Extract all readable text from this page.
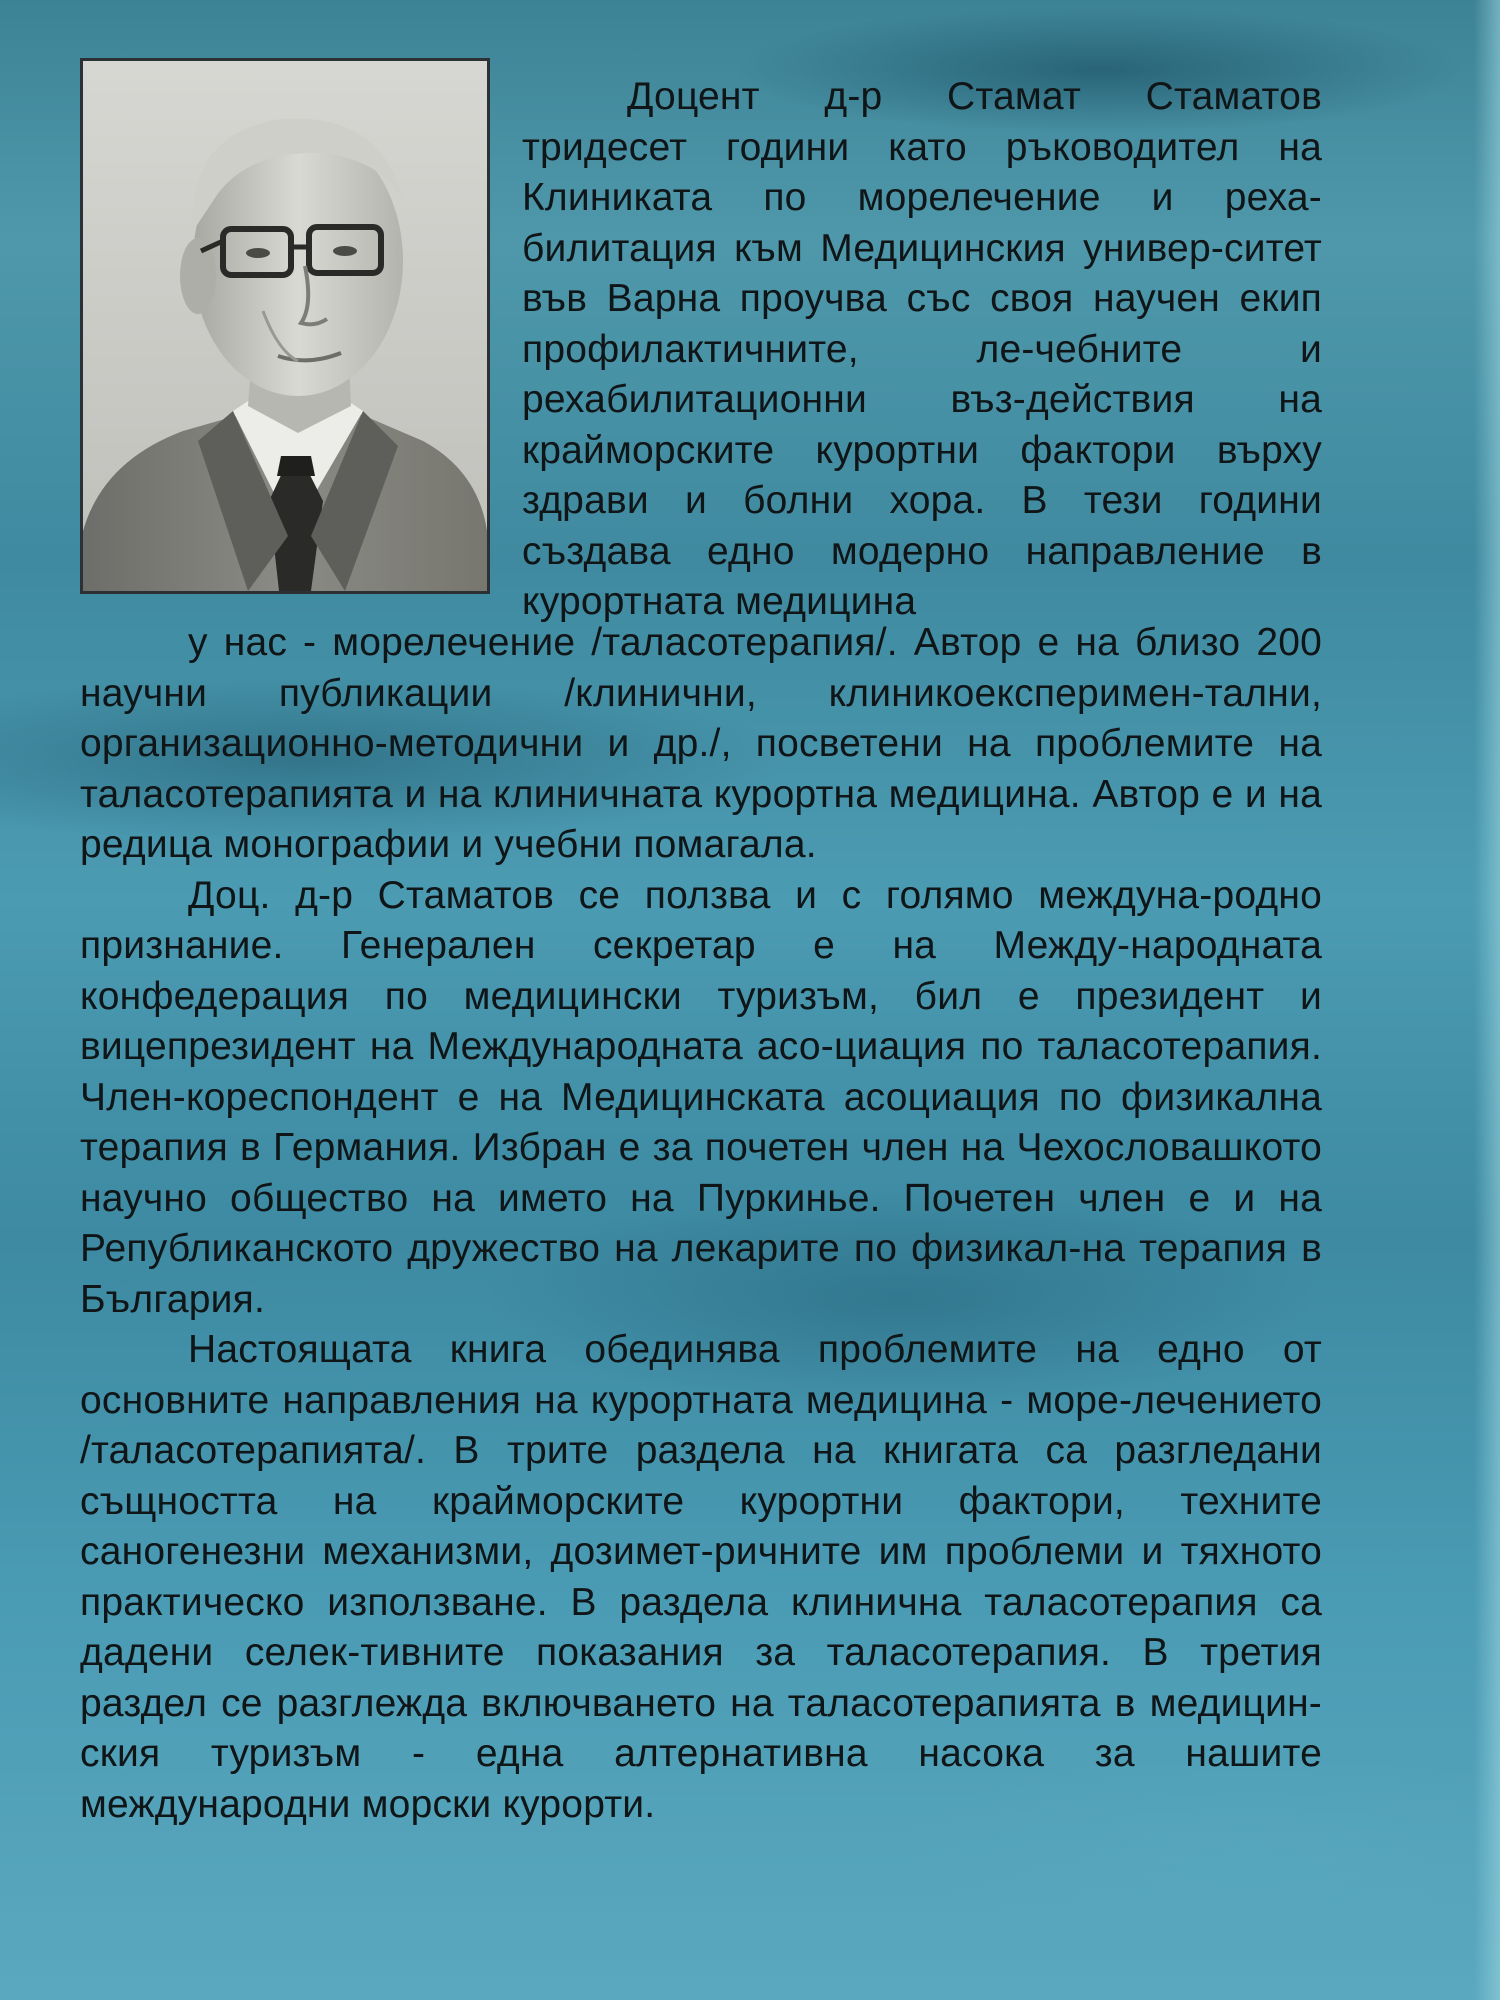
Доцент д-р Стамат Стаматов тридесет години като ръководител на Клиниката по морелечение и реха-билитация към Медицинския универ-ситет във Варна проучва със своя научен екип профилактичните, ле-чебните и рехабилитационни въз-действия на крайморските курортни фактори върху здрави и болни хора. В тези години създава едно модерно направление в курортната медицина

у нас - морелечение /таласотерапия/. Автор е на близо 200 научни публикации /клинични, клиникоексперимен-тални, организационно-методични и др./, посветени на проблемите на таласотерапията и на клиничната курортна медицина. Автор е и на редица монографии и учебни помагала.

Доц. д-р Стаматов се ползва и с голямо междуна-родно признание. Генерален секретар е на Между-народната конфедерация по медицински туризъм, бил е президент и вицепрезидент на Международната асо-циация по таласотерапия. Член-кореспондент е на Медицинската асоциация по физикална терапия в Германия. Избран е за почетен член на Чехословашкото научно общество на името на Пуркинье. Почетен член е и на Републиканското дружество на лекарите по физикал-на терапия в България.

Настоящата книга обединява проблемите на едно от основните направления на курортната медицина - море-лечението /таласотерапията/. В трите раздела на книгата са разгледани същността на крайморските курортни фактори, техните саногенезни механизми, дозимет-ричните им проблеми и тяхното практическо използване. В раздела клинична таласотерапия са дадени селек-тивните показания за таласотерапия. В третия раздел се разглежда включването на таласотерапията в медицин-ския туризъм - една алтернативна насока за нашите международни морски курорти.
